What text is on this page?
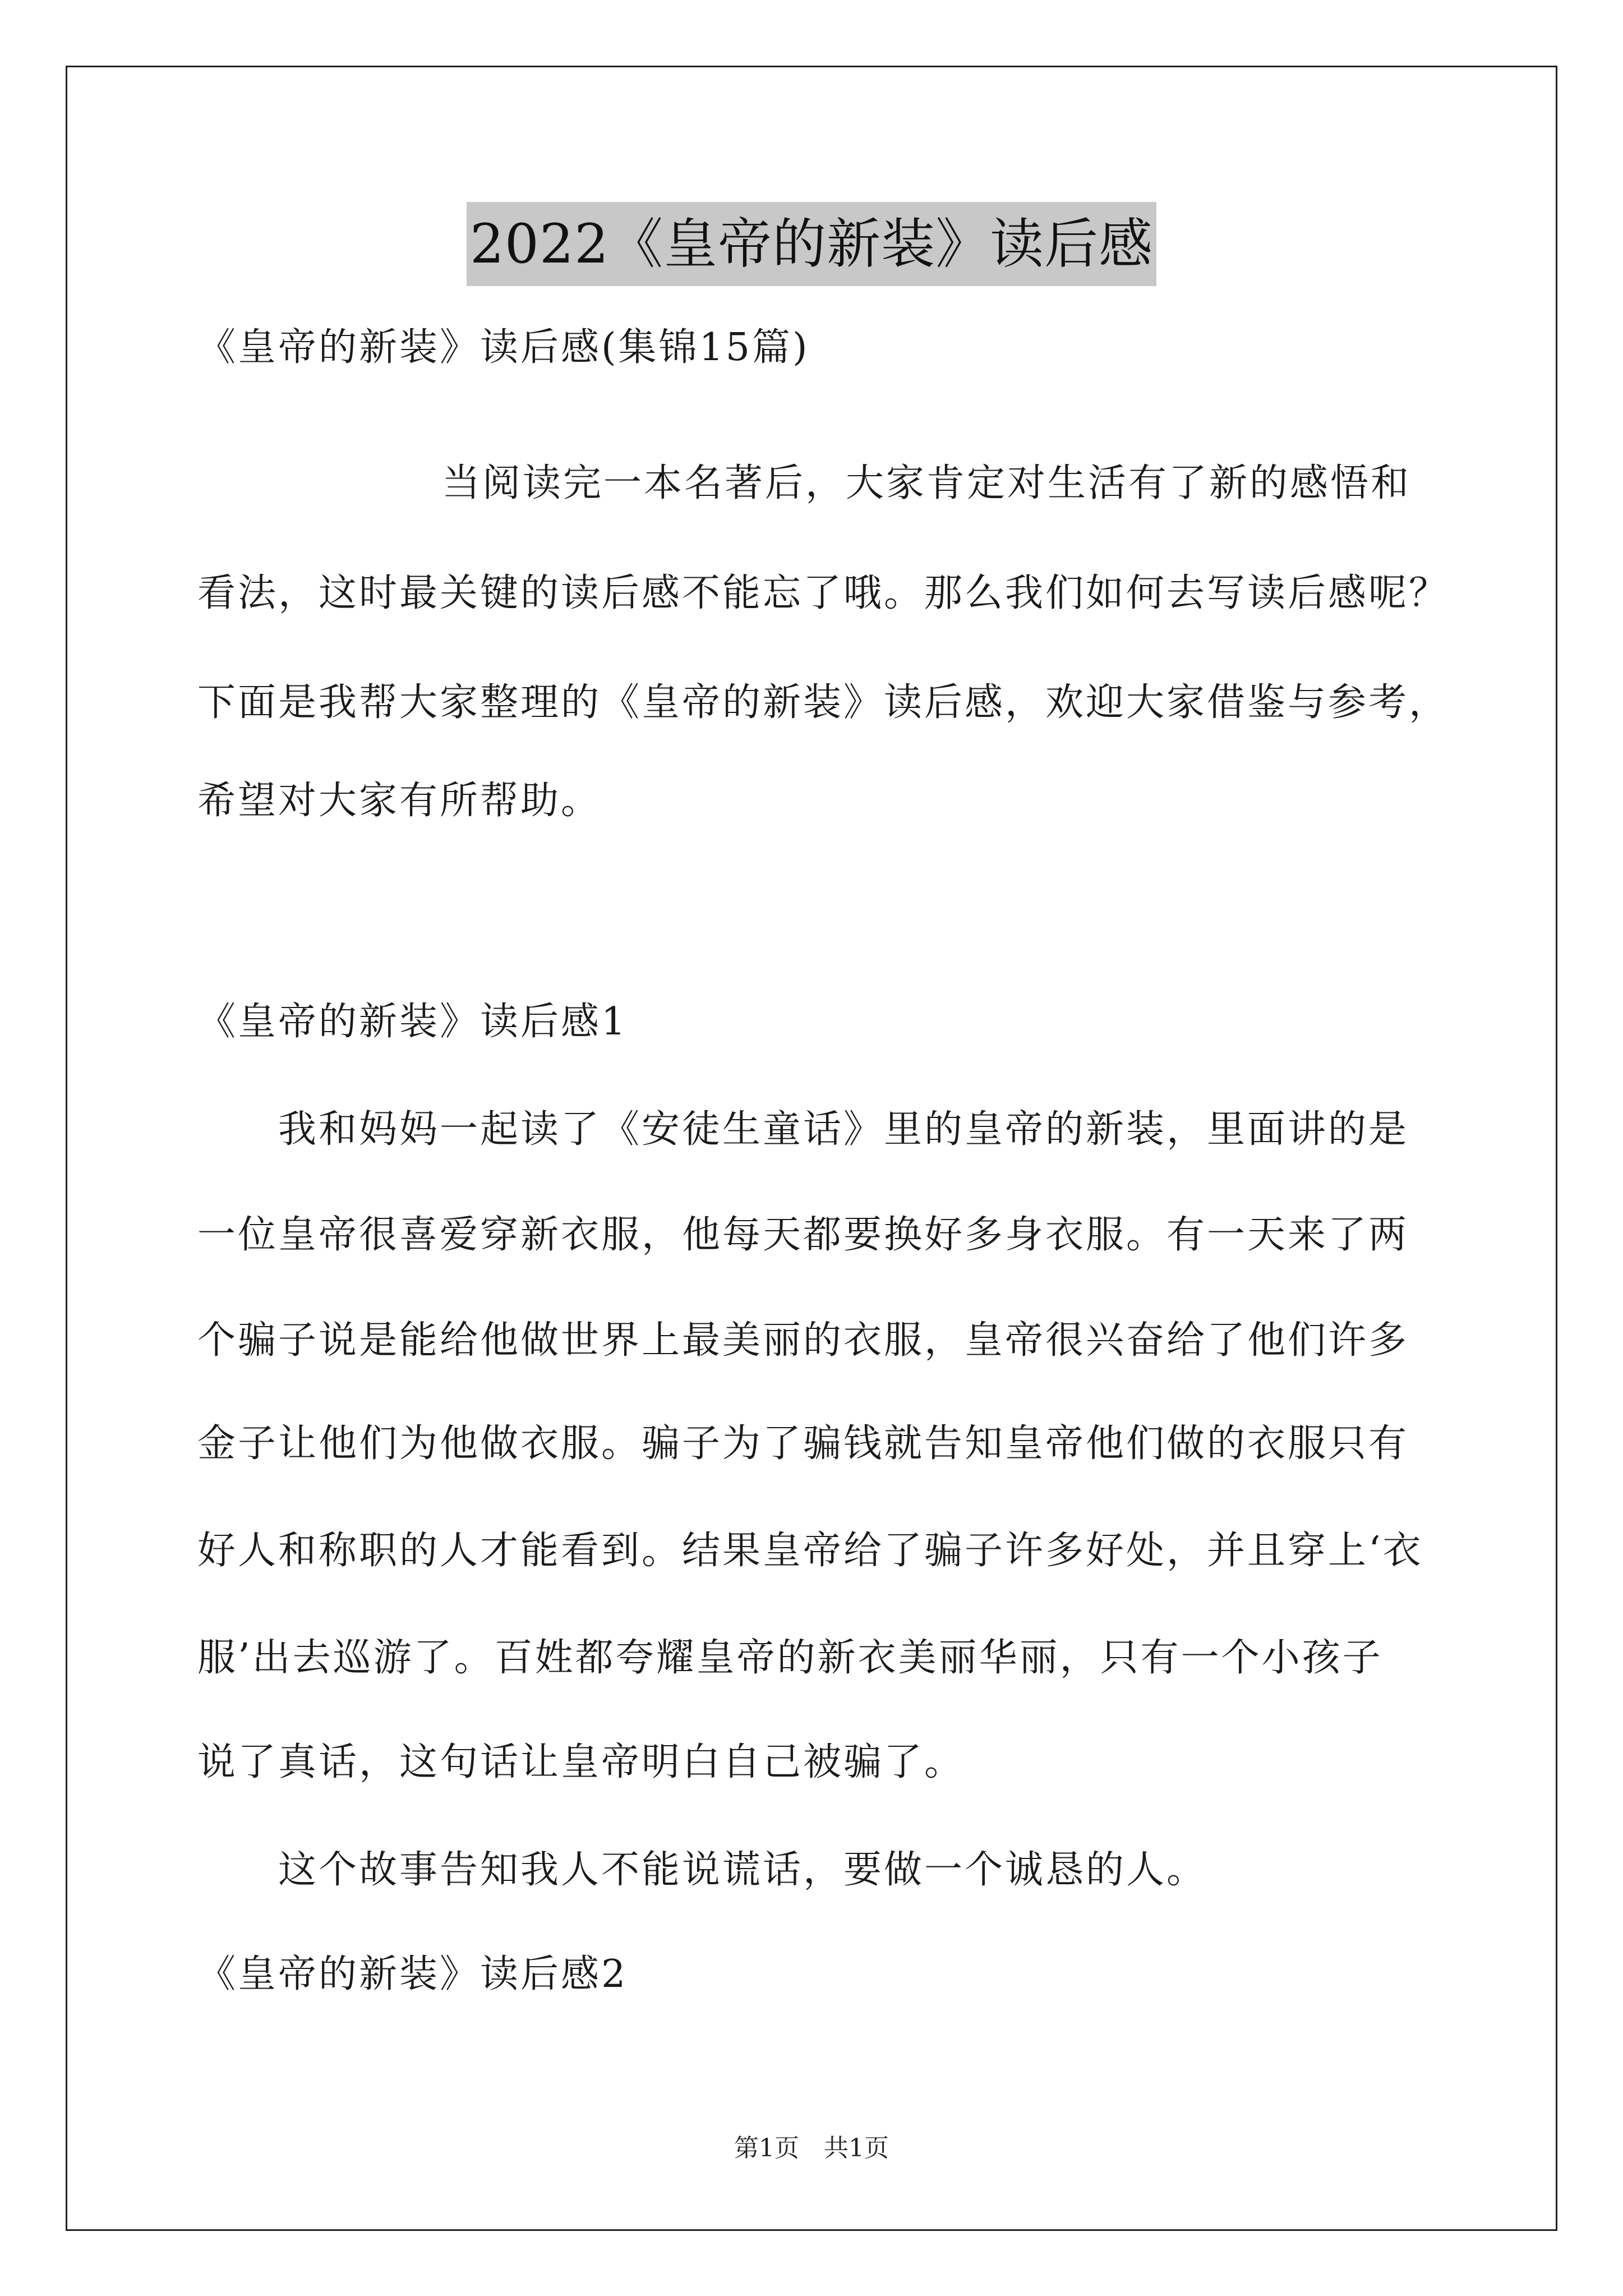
2022《皇帝的新装》读后感
《皇帝的新装》读后感(集锦15篇)
当阅读完一本名著后，大家肯定对生活有了新的感悟和
看法，这时最关键的读后感不能忘了哦。那么我们如何去写读后感呢？
下面是我帮大家整理的《皇帝的新装》读后感，欢迎大家借鉴与参考，
希望对大家有所帮助。
《皇帝的新装》读后感1
我和妈妈一起读了《安徒生童话》里的皇帝的新装，里面讲的是
一位皇帝很喜爱穿新衣服，他每天都要换好多身衣服。有一天来了两
个骗子说是能给他做世界上最美丽的衣服，皇帝很兴奋给了他们许多
金子让他们为他做衣服。骗子为了骗钱就告知皇帝他们做的衣服只有
好人和称职的人才能看到。结果皇帝给了骗子许多好处，并且穿上‘衣
服’出去巡游了。百姓都夸耀皇帝的新衣美丽华丽，只有一个小孩子
说了真话，这句话让皇帝明白自己被骗了。
这个故事告知我人不能说谎话，要做一个诚恳的人。
《皇帝的新装》读后感2
第1页　共1页
